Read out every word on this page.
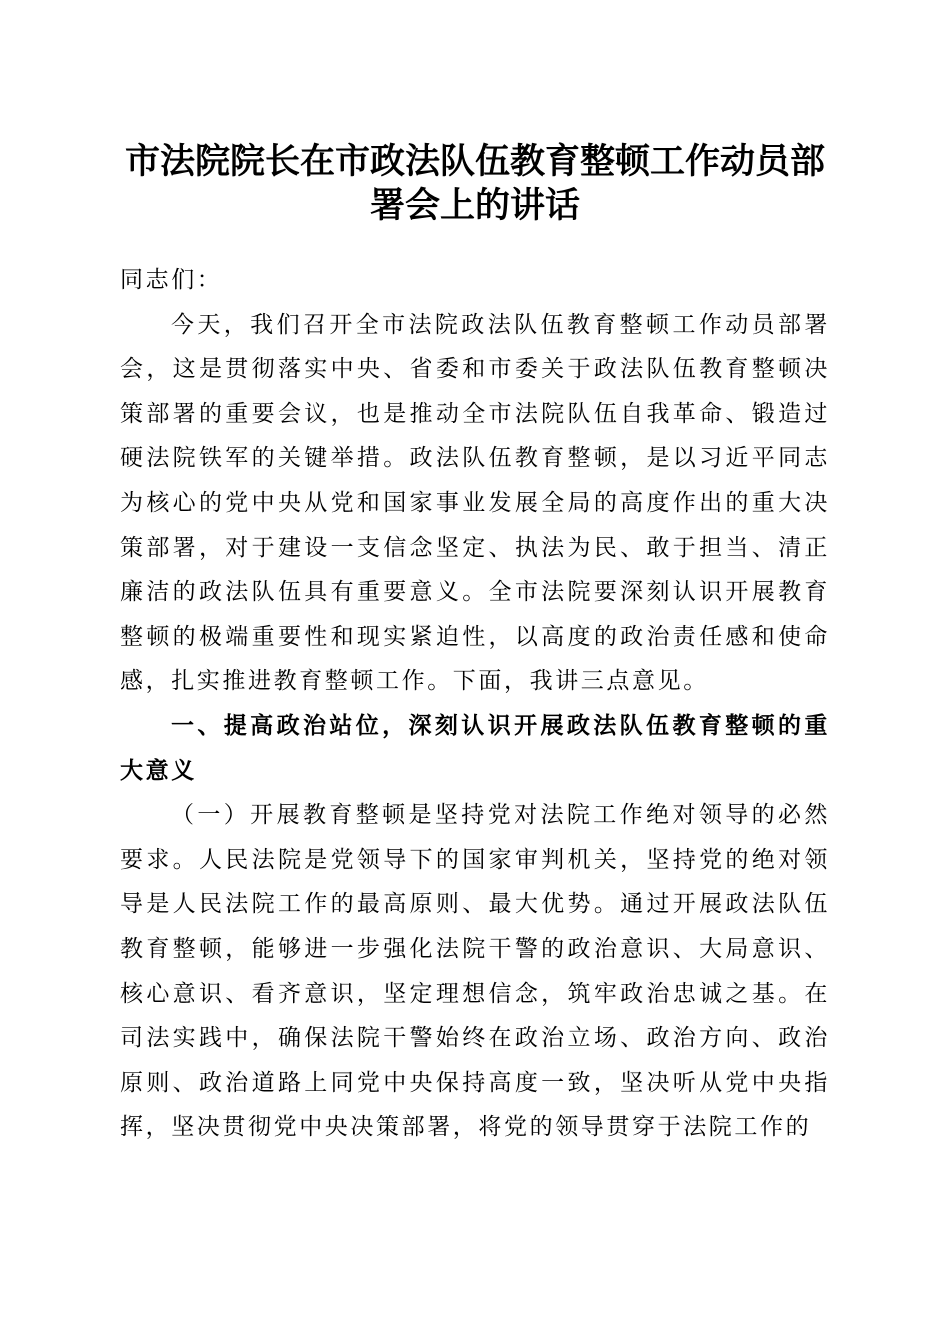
市法院院长在市政法队伍教育整顿工作动员部
署会上的讲话

同志们：

今天，我们召开全市法院政法队伍教育整顿工作动员部署会，这是贯彻落实中央、省委和市委关于政法队伍教育整顿决策部署的重要会议，也是推动全市法院队伍自我革命、锻造过硬法院铁军的关键举措。政法队伍教育整顿，是以习近平同志为核心的党中央从党和国家事业发展全局的高度作出的重大决策部署，对于建设一支信念坚定、执法为民、敢于担当、清正廉洁的政法队伍具有重要意义。全市法院要深刻认识开展教育整顿的极端重要性和现实紧迫性，以高度的政治责任感和使命感，扎实推进教育整顿工作。下面，我讲三点意见。

一、提高政治站位，深刻认识开展政法队伍教育整顿的重大意义

（一）开展教育整顿是坚持党对法院工作绝对领导的必然要求。人民法院是党领导下的国家审判机关，坚持党的绝对领导是人民法院工作的最高原则、最大优势。通过开展政法队伍教育整顿，能够进一步强化法院干警的政治意识、大局意识、核心意识、看齐意识，坚定理想信念，筑牢政治忠诚之基。在司法实践中，确保法院干警始终在政治立场、政治方向、政治原则、政治道路上同党中央保持高度一致，坚决听从党中央指挥，坚决贯彻党中央决策部署，将党的领导贯穿于法院工作的
